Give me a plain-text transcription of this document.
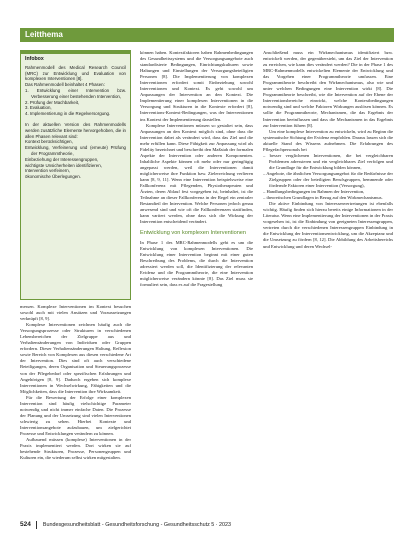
Leitthema
Infobox

Rahmenmodell des Medical Research Council (MRC) zur Entwicklung und Evaluation von komplexen Interventionen [8].

Das Rahmenmodell beinhaltet 4 Phasen:

1. Entwicklung einer Intervention bzw. Verbesserung einer bestehenden Intervention,
2. Prüfung der Machbarkeit,
3. Evaluation,
4. Implementierung in die Regelversorgung.

In der aktuellen Version des Rahmenmodells werden zusätzliche Elemente hervorgehoben, die in allen Phasen relevant sind:

Kontext berücksichtigen,
Entwicklung, Verfeinerung und (erneute) Prüfung der Programmtheorie,
Einbeziehung der Interessengruppen,
wichtigste Unsicherheiten identifizieren,
Intervention verfeinern,
ökonomische Überlegungen.

messen. Komplexe Interventionen im Kontext besuchen sowohl auch mit vielen Ansätzen und Voraussetzungen verknüpft [8, 9].

Komplexe Interventionen zeichnen häufig auch die Versorgungsprozesse oder Strukturen in verschiedenen Lebensbereichen der Zielgruppe aus und Verhaltensänderungen von Individuen oder Gruppen erfordern. Dieser Verhaltensänderungen Haltung, Reflexion sowie Bereich von Komplexen aus diesen verschiedene Art der Intervention. Dies sind oft auch verschiedene Beteiligungen, deren Organisation und Steuerungsprozesse von der Pflegebedarf oder spezifischen Erfahrungen und Angehörigen [8, 9]. Dadurch ergeben sich komplexe Interventionen in Wechselwirkung, Fähigkeiten und die Möglichkeiten, dass die Intervention ihre Wirksamkeit.

Für die Bewertung der Erfolge einer komplexen Intervention sind häufig vielschichtige Parameter notwendig und nicht immer einfache Daten. Die Prozesse der Planung und der Umsetzung sind vielen Interventionen schwierig zu sehen. Hierbei Kontexte und Interventionsangebote aufzubauen, um zielgerichtet Prozesse und Entwicklungen verändern zu können.

Aufbauend müssen (komplexe) Interventionen in der Praxis implementiert werden. Dort wirken sie auf bestehende Strukturen, Prozesse, Personengruppen und Kulturen ein, die wiederum selbst wirken mitgestalten.

können haben. Kontextfaktoren haben Rahmenbedingungen des Gesundheitssystems und die Versorgungsangebote auch standardisierte Bedingungen, Einrichtungskulturen sowie Haltungen und Einstellungen der Versorgungsbeteiligten Personen [8]. Die Implementierung von komplexen Interventionen erfordert somit Einbeziehung sowohl Interventionen und Kontext. Es geht sowohl um Anpassungen der Intervention an den Kontext. Die Implementierung einer komplexen Interventionen in die Versorgung und Strukturen in die Kontexte erfordert [8], Interventions-Kontext-Bedingungen, was der Interventionen ins Kontext der Implementierung darstellen.

Komplexe Interventionen müssen so gestaltet sein, dass Anpassungen an den Kontext möglich sind, ohne dass die Intervention dabei als verändert wird, dass das Ziel und die mehr erfüllen kann. Diese Fähigkeit zur Anpassung wird als Fidelity bezeichnet und beschreibt den Maßstab der formalen Aspekte der Intervention oder anderen Komponenten. Inhaltliche Aspekte können oft mehr oder nur geringfügig angepasst werden, weil die Interventionen damit möglicherweise ihre Funktion bzw. Zielerreichung verlieren kann [8, 9, 11]. Wenn eine Intervention beispielsweise eine Fallkonferenz mit Pflegenden, Physiotherapeuten und Ärzten, deren Ablauf fest vorgegeben ist, beinhaltet, ist die Teilnahme an dieser Fallkonferenz in der Regel ein zentraler Bestandteil der Intervention. Welche Personen jedoch genau anwesend sind und wie oft die Fallkonferenzen stattfinden, kann variiert werden, ohne dass sich die Wirkung der Intervention entscheidend verändert.

Entwicklung von komplexen Interventionen

In Phase 1 des MRC-Rahmenmodells geht es um die Entwicklung von komplexen Interventionen. Die Entwicklung einer Intervention beginnt mit einer guten Beschreibung des Problems, die durch die Intervention adressiert werden soll, die Identifizierung der relevanten Evidenz und die Programmtheorie, die eine Intervention möglicherweise verändern könnte [8]. Das Ziel muss sie formuliert sein, dass es auf die Fragestellung

Anschließend muss ein Wirkmechanismus identifiziert bzw. entwickelt werden, der gegenübersteht, um das Ziel der Intervention zu erreichen, wie kann dies verändert werden? Die in der Phase 1 des MRC-Rahmenmodells entwickelten Elemente der Entwicklung und das Vorgehen einer Programmtheorie umfassen. Eine Programmtheorie beschreibt den Wirkmechanismus, also wie und unter welchen Bedingungen eine Intervention wirkt [8]. Die Programmtheorie beschreibt, wie die Intervention auf der Ebene der Interventionsbereiche einwirkt, welche Kontextbedingungen notwendig sind und welche Faktoren Wirkungen auslösen können. Es sollte die Programmtheorie, Mechanismen, die das Ergebnis der Intervention beeinflussen und dass die Mechanismen in das Ergebnis zur Intervention führen [8].

Um eine komplexe Intervention zu entwickeln, wird zu Beginn die systematische Sichtung der Evidenz empfohlen. Daraus lassen sich die aktuelle Stand des Wissens aufnehmen. Die Erfahrungen des Pflegefachpersonals bei

– besser verglichenen Interventionen, die bei vergleichbaren Problemen adressieren und ein vergleichbares Ziel verfolgen und die Grundlage für die Entwicklung bilden können,
– Angebote, die ähnlichen Versorgungsangebot für die Bedürfnisse der Zielgruppen oder der beteiligten Berufsgruppen, hemmende oder fördernde Faktoren einer Intervention (Versorgung),
– Handlungsbedingungen im Rahmen der Intervention,
– theoretischen Grundlagen in Bezug auf den Wirkmechanismus.

Die aktive Einbindung von Interessenvertretungen ist ebenfalls wichtig. Häufig finden sich hierzu bereits einige Informationen in der Literatur. Wenn eine Implementierung der Interventionen in der Praxis vorgesehen ist, ist die Einbindung von geeigneten Interessengruppen, vertreten durch die verschiedenen Interessengruppen Einbindung in die Entwicklung der Interventionsentwicklung, um die Akzeptanz und die Umsetzung zu fördern [8, 12]. Die Abbildung des Arbeitsbereichs und Entwicklung und deren Wechsel-

524 Bundesgesundheitsblatt - Gesundheitsforschung - Gesundheitsschutz 5 · 2023
